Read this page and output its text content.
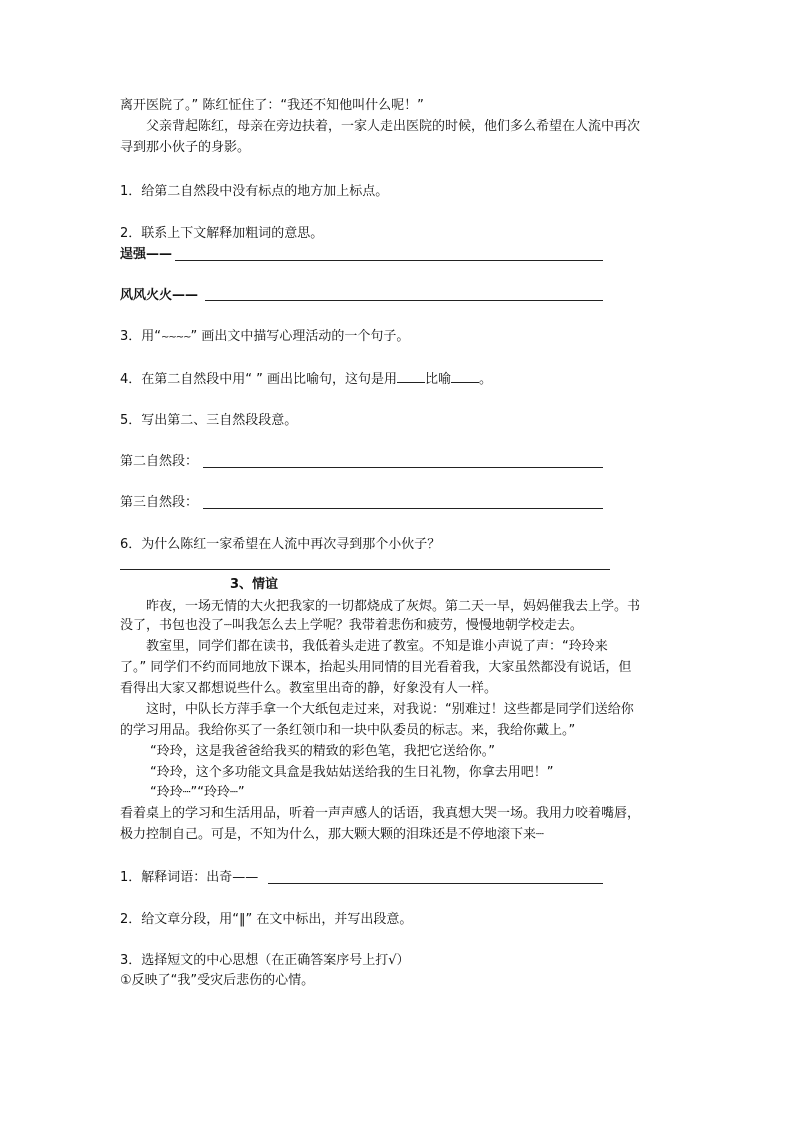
离开医院了。” 陈红怔住了：“我还不知他叫什么呢！”
父亲背起陈红，母亲在旁边扶着，一家人走出医院的时候，他们多么希望在人流中再次
寻到那小伙子的身影。
1．给第二自然段中没有标点的地方加上标点。
2．联系上下文解释加粗词的意思。
逞强——
风风火火——
3．用“~~~~” 画出文中描写心理活动的一个句子。
4．在第二自然段中用“ ” 画出比喻句，这句是用 比喻 。
5．写出第二、三自然段段意。
第二自然段：
第三自然段：
6．为什么陈红一家希望在人流中再次寻到那个小伙子？
3、情谊
昨夜，一场无情的大火把我家的一切都烧成了灰烬。第二天一早，妈妈催我去上学。书
没了，书包也没了┈叫我怎么去上学呢？我带着悲伤和疲劳，慢慢地朝学校走去。
教室里，同学们都在读书，我低着头走进了教室。不知是谁小声说了声：“玲玲来
了。” 同学们不约而同地放下课本，抬起头用同情的目光看着我，大家虽然都没有说话，但
看得出大家又都想说些什么。教室里出奇的静，好象没有人一样。
这时，中队长方萍手拿一个大纸包走过来，对我说：“别难过！这些都是同学们送给你
的学习用品。我给你买了一条红领巾和一块中队委员的标志。来，我给你戴上。”
“玲玲，这是我爸爸给我买的精致的彩色笔，我把它送给你。”
“玲玲，这个多功能文具盒是我姑姑送给我的生日礼物，你拿去用吧！”
“玲玲┈”“玲玲┈”
看着桌上的学习和生活用品，听着一声声感人的话语，我真想大哭一场。我用力咬着嘴唇，
极力控制自己。可是，不知为什么，那大颗大颗的泪珠还是不停地滚下来┈
1．解释词语：出奇——
2．给文章分段，用“‖” 在文中标出，并写出段意。
3．选择短文的中心思想（在正确答案序号上打√）
①反映了“我”受灾后悲伤的心情。
